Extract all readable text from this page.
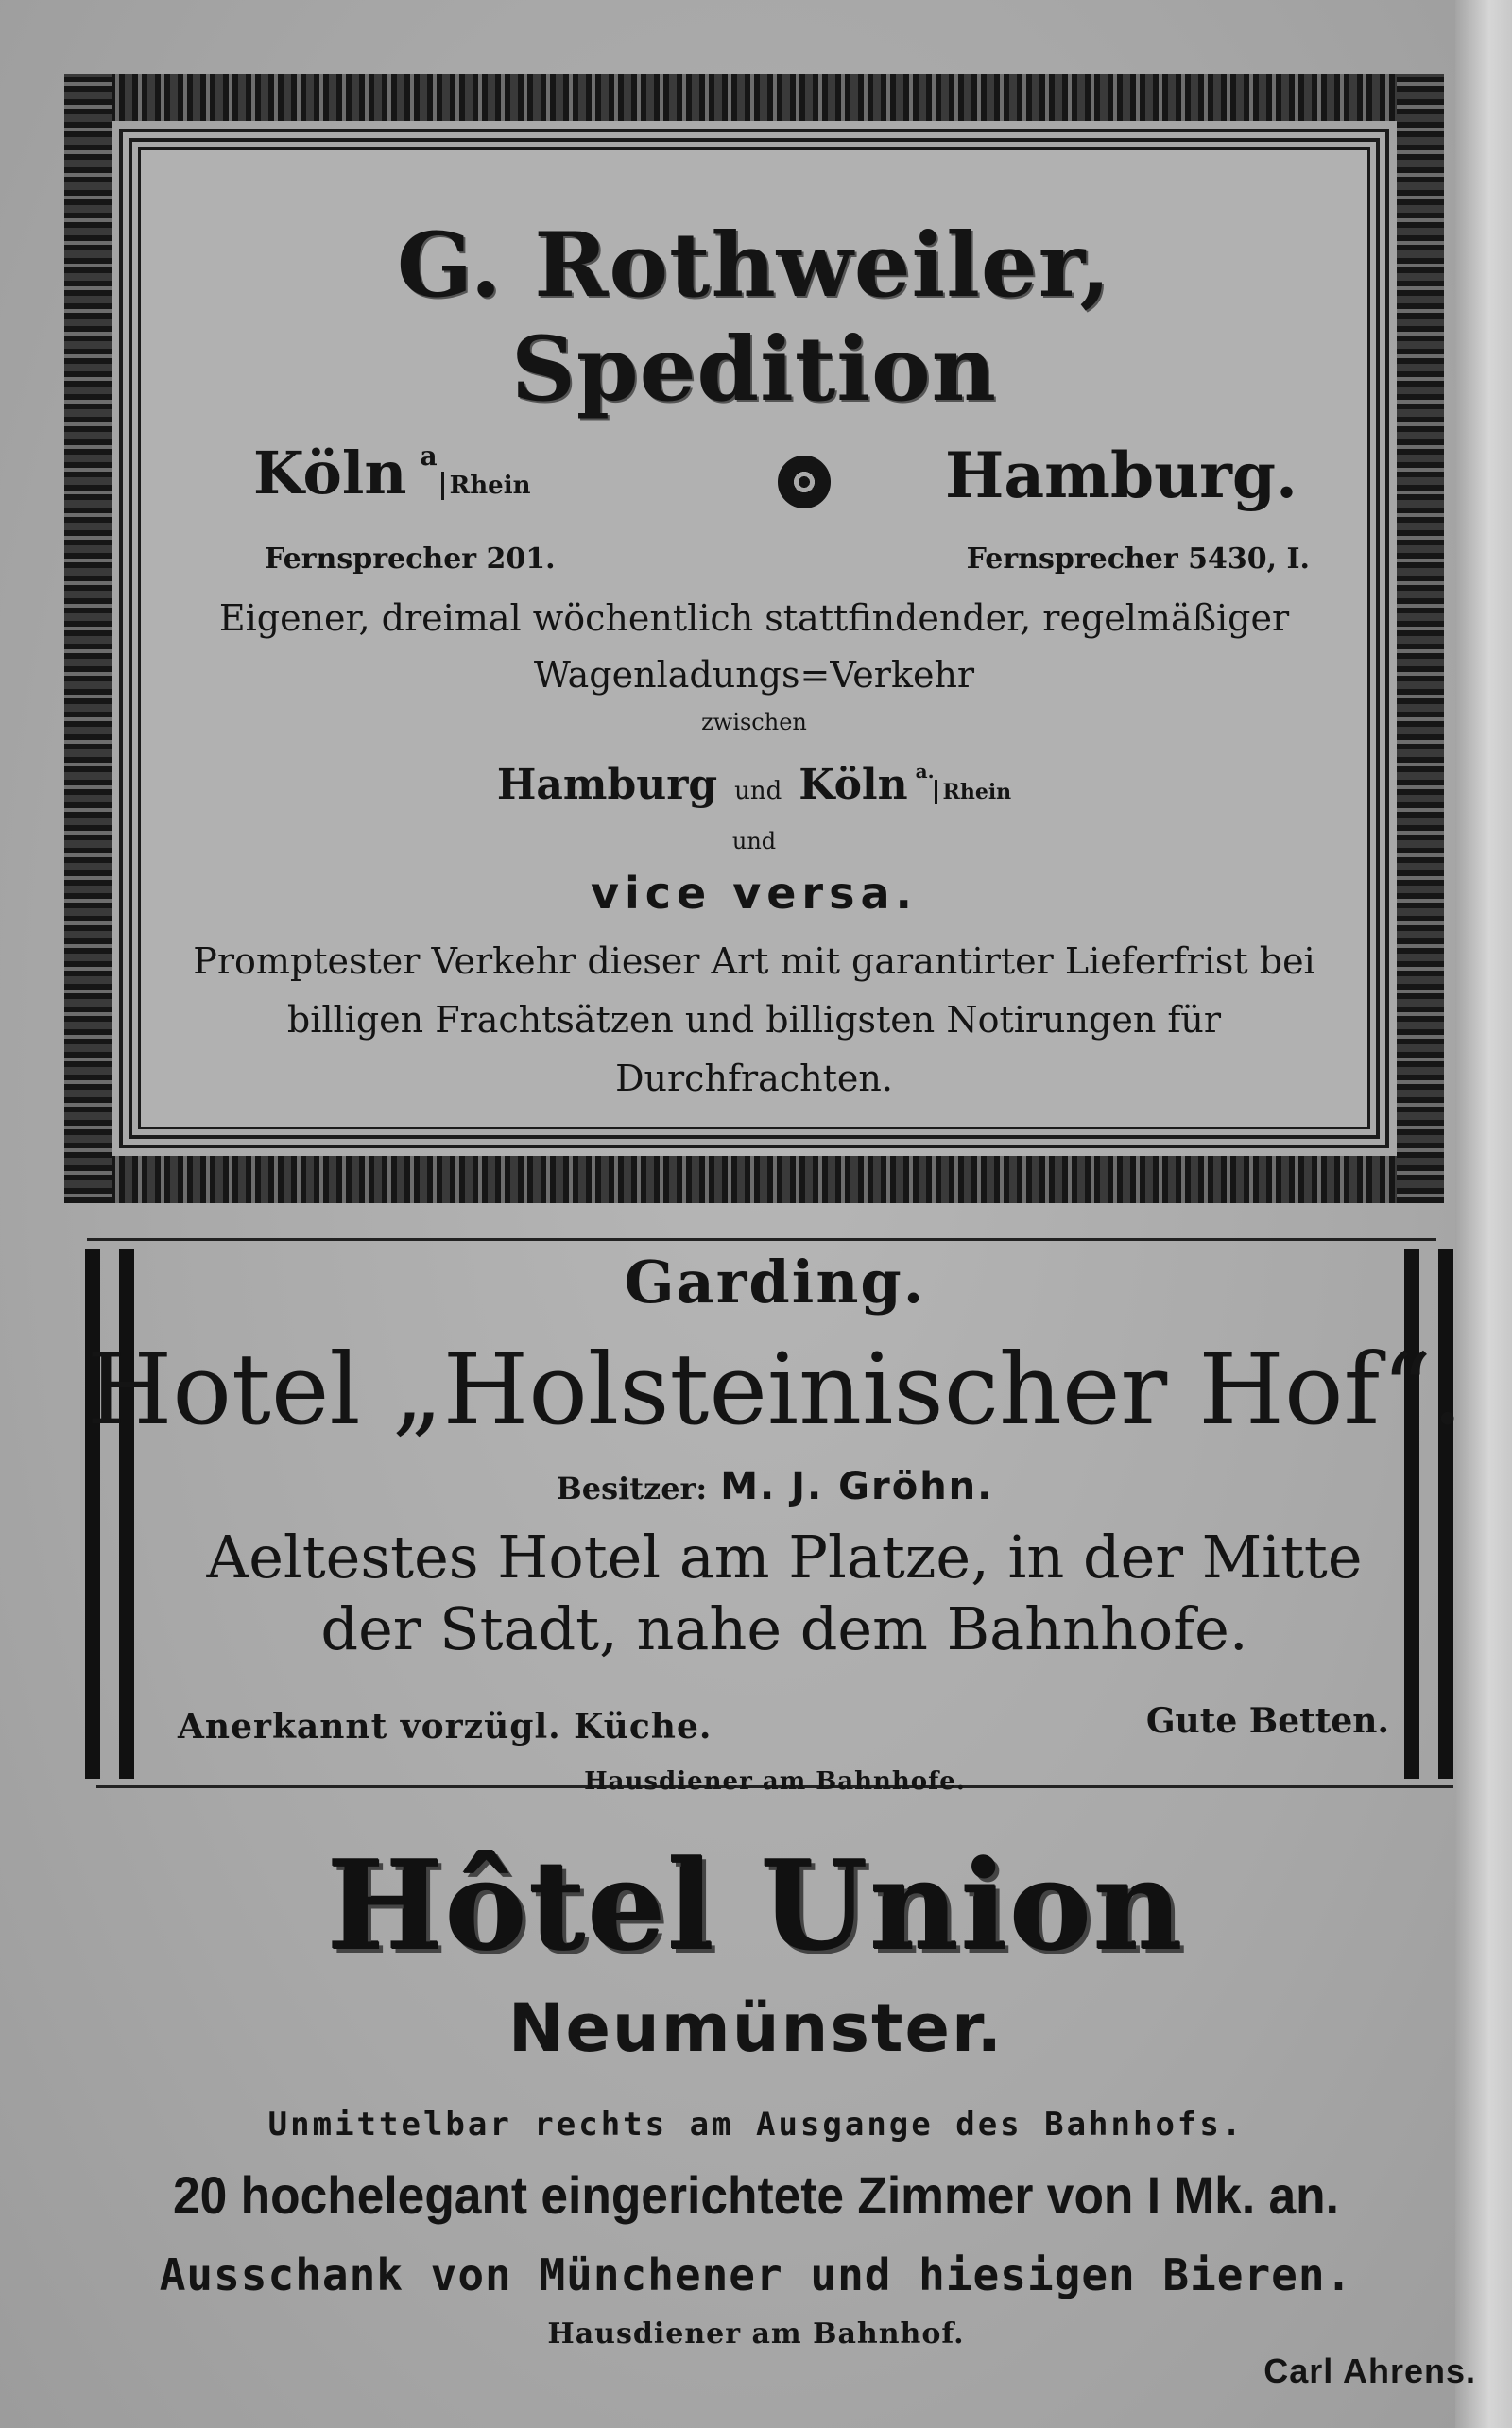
G. Rothweiler, Spedition
Köln $^a$Rhein	Hamburg.
Fernsprecher 201.	Fernsprecher 5430, I.
Eigener, dreimal wöchentlich stattfindender, regelmäßiger
Wagenladungs=Verkehr
zwischen
Hamburg und Köln $^{a.}$Rhein
und
vice versa.
Promptester Verkehr dieser Art mit garantirter Lieferfrist bei billigen Frachtsätzen und billigsten Notirungen für Durchfrachten.
Garding.
Hotel „Holsteinischer Hof“.
Besitzer: M. J. Gröhn.
Aeltestes Hotel am Platze, in der Mitte der Stadt, nahe dem Bahnhofe.
Anerkannt vorzügl. Küche.	Gute Betten.
Hausdiener am Bahnhofe.
Hôtel Union
Neumünster.
Unmittelbar rechts am Ausgange des Bahnhofs.
20 hochelegant eingerichtete Zimmer von I Mk. an.
Ausschank von Münchener und hiesigen Bieren.
Hausdiener am Bahnhof.
Carl Ahrens.
